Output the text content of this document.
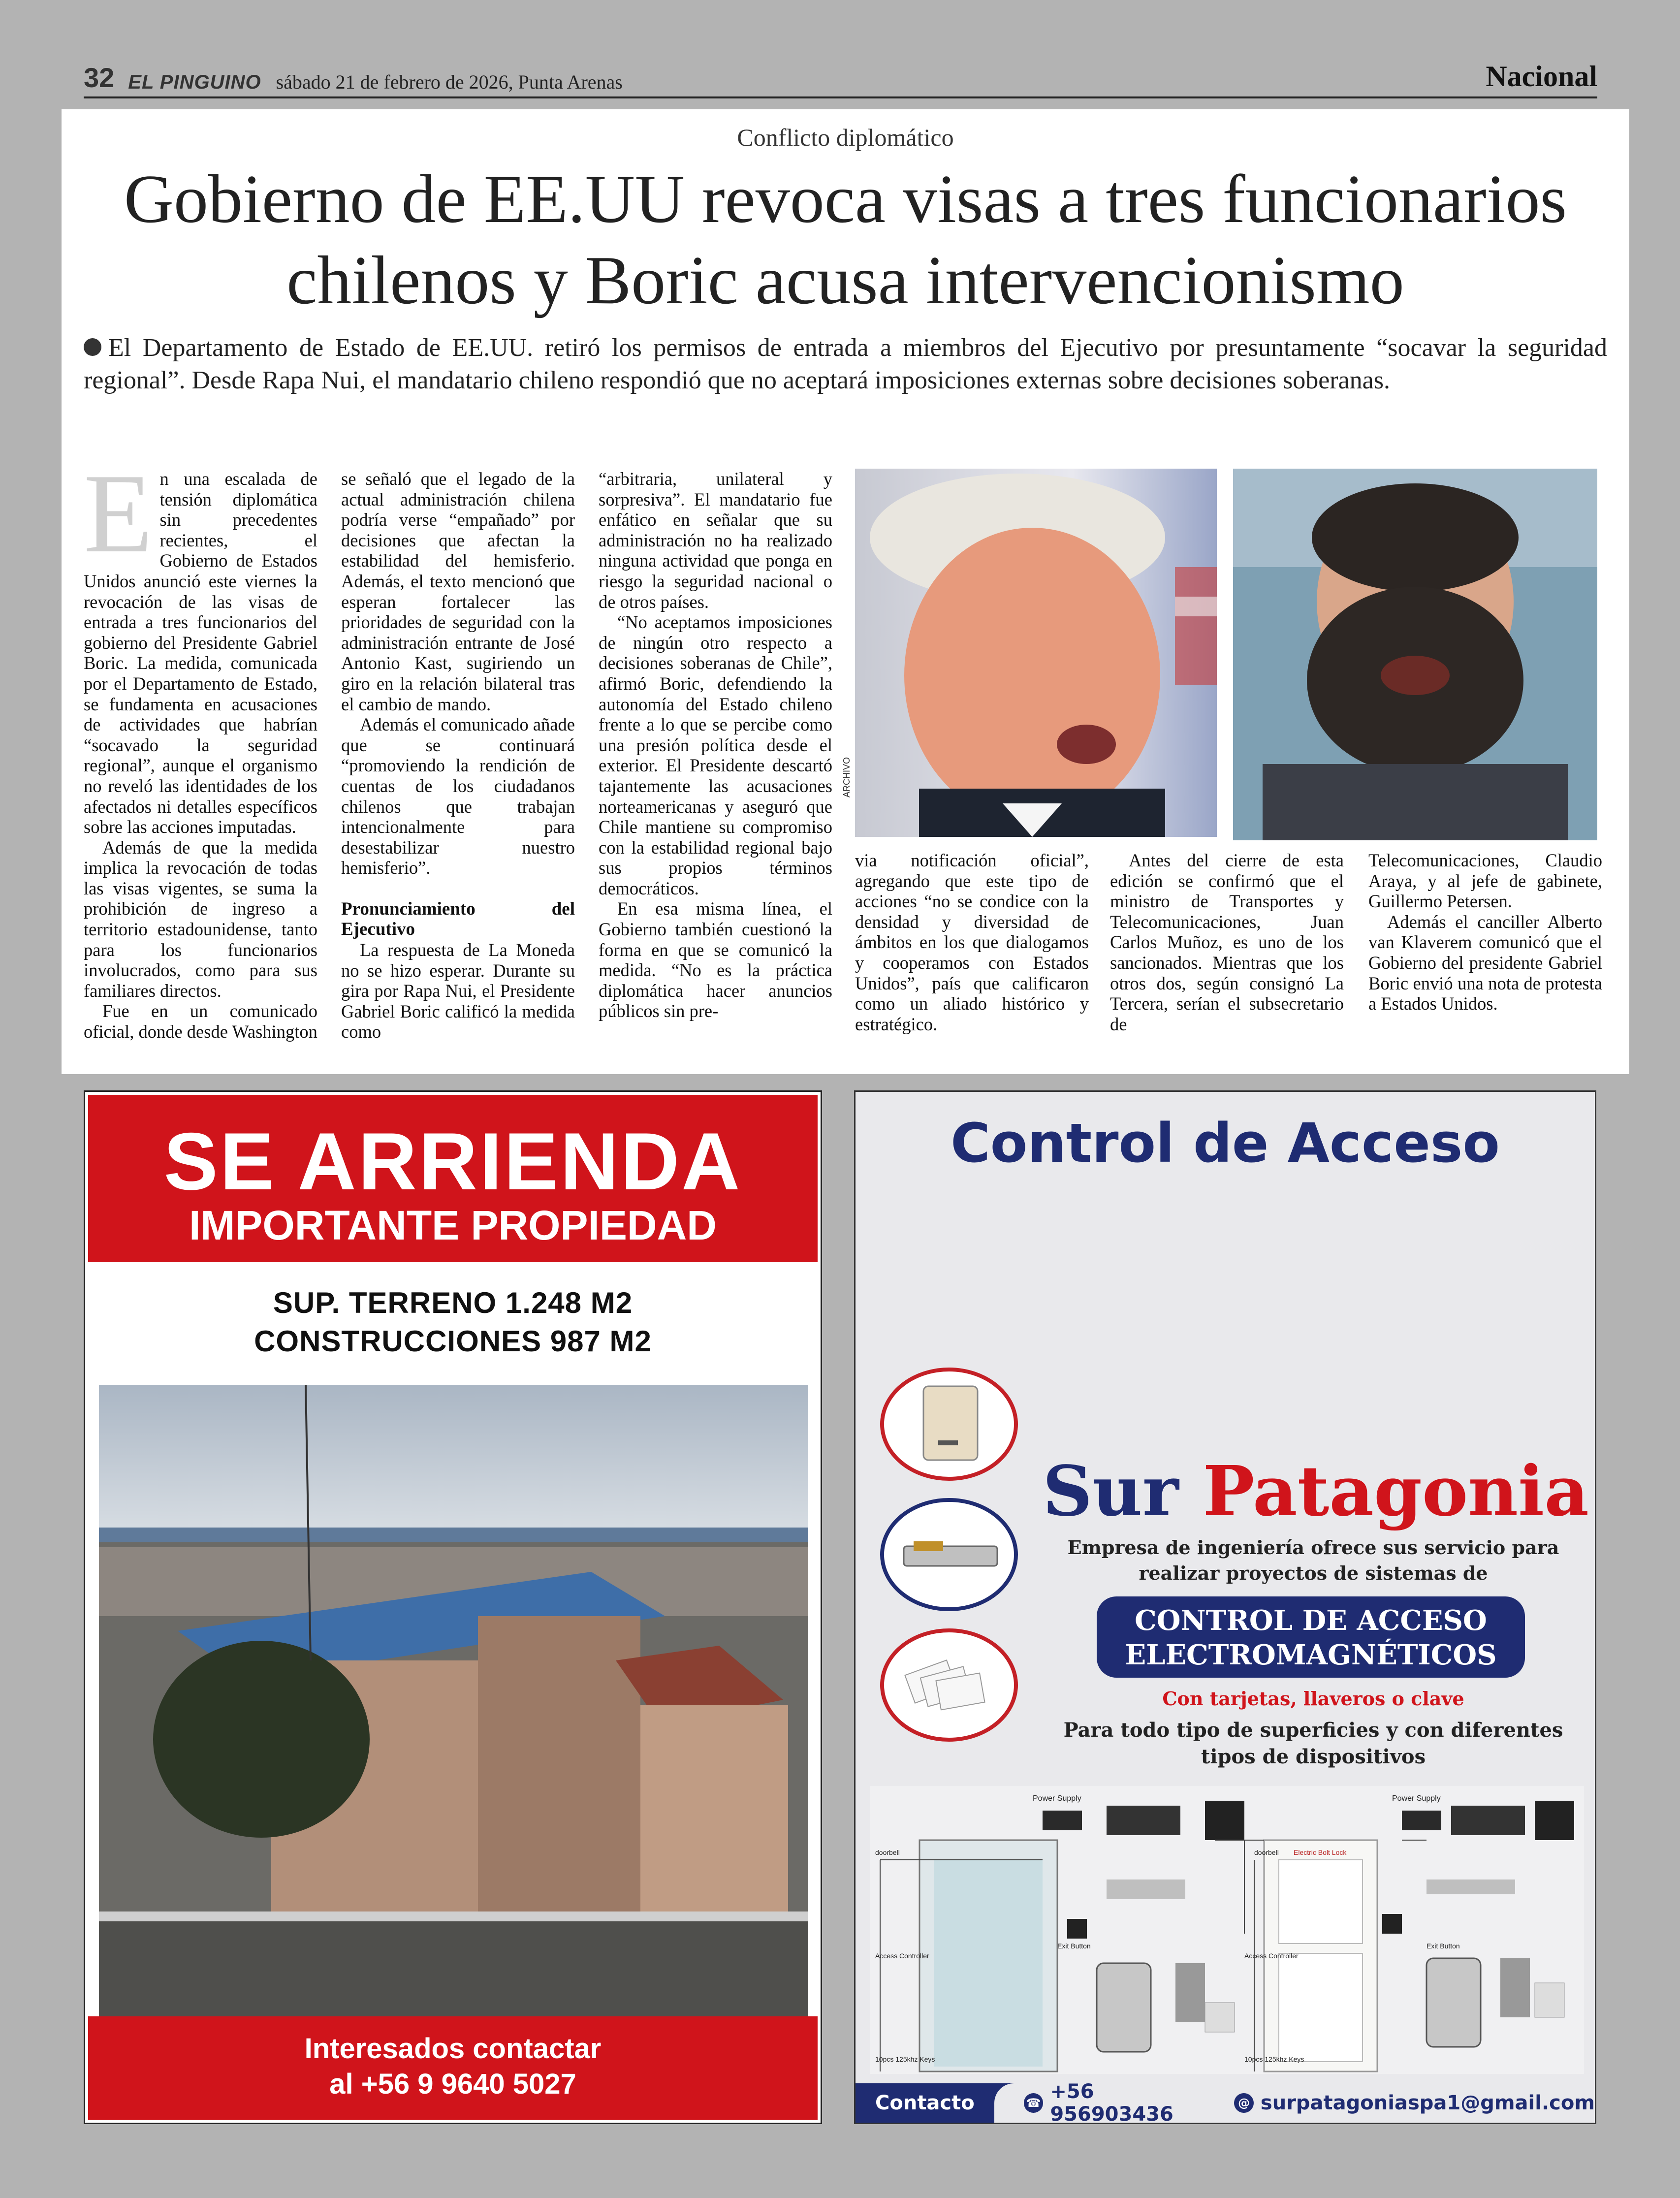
32 EL PINGUINO sábado 21 de febrero de 2026, Punta Arenas	Nacional
Conflicto diplomático
Gobierno de EE.UU revoca visas a tres funcionarios
chilenos y Boric acusa intervencionismo
El Departamento de Estado de EE.UU. retiró los permisos de entrada a miembros del Ejecutivo por presuntamente “socavar la seguridad regional”. Desde Rapa Nui, el mandatario chileno respondió que no aceptará imposiciones externas sobre decisiones soberanas.
E n una escalada de tensión diplomática sin precedentes recientes, el Gobierno de Estados Unidos anunció este viernes la revocación de las visas de entrada a tres funcionarios del gobierno del Presidente Gabriel Boric. La medida, comunicada por el Departamento de Estado, se fundamenta en acusaciones de actividades que habrían “socavado la seguridad regional”, aunque el organismo no reveló las identidades de los afectados ni detalles específicos sobre las acciones imputadas.

Además de que la medida implica la revocación de todas las visas vigentes, se suma la prohibición de ingreso a territorio estadounidense, tanto para los funcionarios involucrados, como para sus familiares directos.

Fue en un comunicado oficial, donde desde Washington

se señaló que el legado de la actual administración chilena podría verse “empañado” por decisiones que afectan la estabilidad del hemisferio. Además, el texto mencionó que esperan fortalecer las prioridades de seguridad con la administración entrante de José Antonio Kast, sugiriendo un giro en la relación bilateral tras el cambio de mando.

Además el comunicado añade que se continuará “promoviendo la rendición de cuentas de los ciudadanos chilenos que trabajan intencionalmente para desestabilizar nuestro hemisferio”.

Pronunciamiento del Ejecutivo

La respuesta de La Moneda no se hizo esperar. Durante su gira por Rapa Nui, el Presidente Gabriel Boric calificó la medida como

“arbitraria, unilateral y sorpresiva”. El mandatario fue enfático en señalar que su administración no ha realizado ninguna actividad que ponga en riesgo la seguridad nacional o de otros países.

“No aceptamos imposiciones de ningún otro respecto a decisiones soberanas de Chile”, afirmó Boric, defendiendo la autonomía del Estado chileno frente a lo que se percibe como una presión política desde el exterior. El Presidente descartó tajantemente las acusaciones norteamericanas y aseguró que Chile mantiene su compromiso con la estabilidad regional bajo sus propios términos democráticos.

En esa misma línea, el Gobierno también cuestionó la forma en que se comunicó la medida. “No es la práctica diplomática hacer anuncios públicos sin pre-

via notificación oficial”, agregando que este tipo de acciones “no se condice con la densidad y diversidad de ámbitos en los que dialogamos y cooperamos con Estados Unidos”, país que calificaron como un aliado histórico y estratégico.

Antes del cierre de esta edición se confirmó que el ministro de Transportes y Telecomunicaciones, Juan Carlos Muñoz, es uno de los sancionados. Mientras que los otros dos, según consignó La Tercera, serían el subsecretario de

Telecomunicaciones, Claudio Araya, y al jefe de gabinete, Guillermo Petersen.

Además el canciller Alberto van Klaverem comunicó que el Gobierno del presidente Gabriel Boric envió una nota de protesta a Estados Unidos.

ARCHIVO
SE ARRIENDA
IMPORTANTE PROPIEDAD
SUP. TERRENO 1.248 M2
CONSTRUCCIONES 987 M2
Interesados contactar
al +56 9 9640 5027
Control de Acceso
Sur Patagonia
Empresa de ingeniería ofrece sus servicio para realizar proyectos de sistemas de
CONTROL DE ACCESO
ELECTROMAGNÉTICOS
Con tarjetas, llaveros o clave
Para todo tipo de superficies y con diferentes tipos de dispositivos
Power Supply	Power Supply
doorbell	doorbell
Access Controller	Access Controller
Exit Button	Exit Button
10pcs 125khz Keys	10pcs 125khz Keys
Electric Bolt Lock
Contacto	☎ +56 956903436	@ surpatagoniaspa1@gmail.com
